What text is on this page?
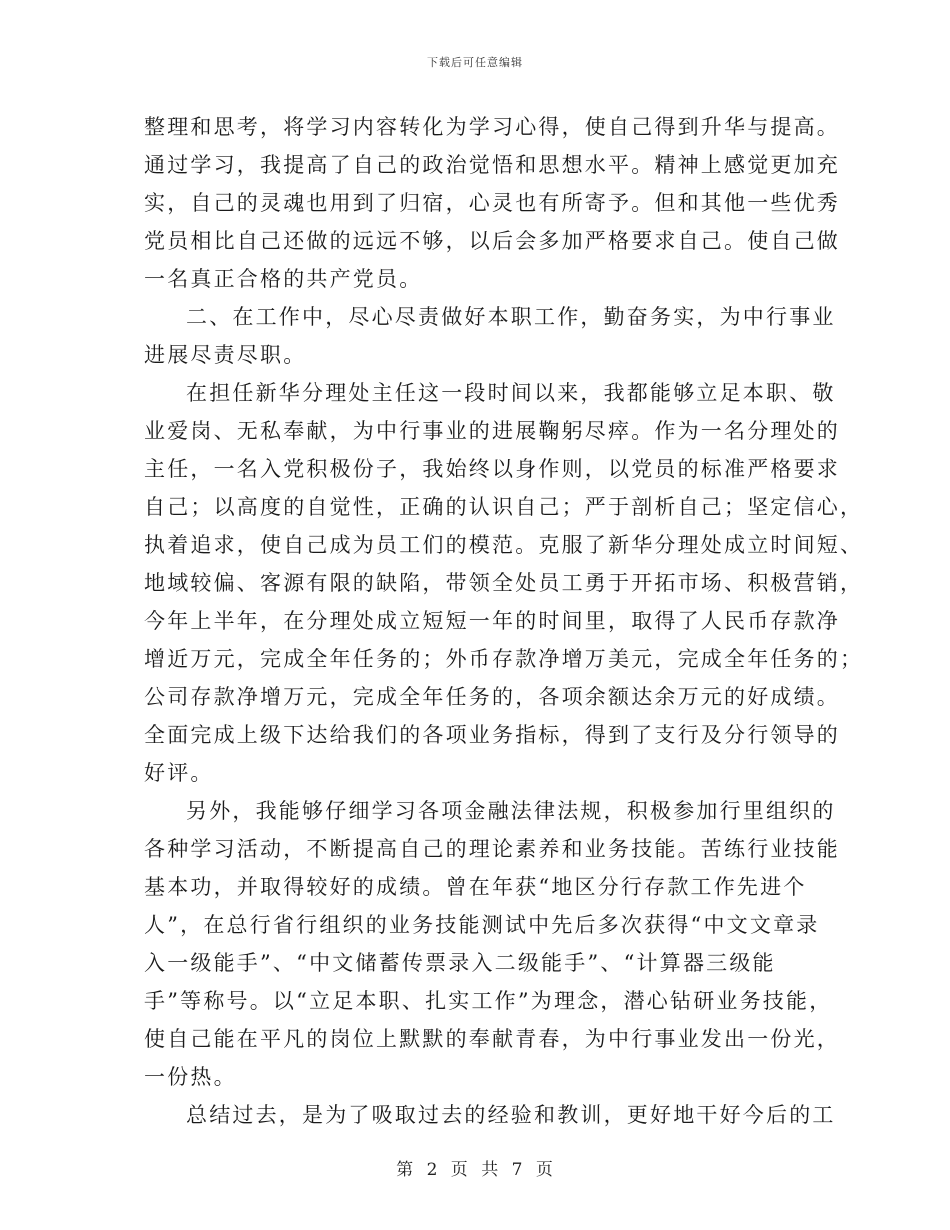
下载后可任意编辑
整理和思考，将学习内容转化为学习心得，使自己得到升华与提高。
通过学习，我提高了自己的政治觉悟和思想水平。精神上感觉更加充
实，自己的灵魂也用到了归宿，心灵也有所寄予。但和其他一些优秀
党员相比自己还做的远远不够，以后会多加严格要求自己。使自己做
一名真正合格的共产党员。
二、在工作中，尽心尽责做好本职工作，勤奋务实，为中行事业
进展尽责尽职。
在担任新华分理处主任这一段时间以来，我都能够立足本职、敬
业爱岗、无私奉献，为中行事业的进展鞠躬尽瘁。作为一名分理处的
主任，一名入党积极份子，我始终以身作则，以党员的标准严格要求
自己；以高度的自觉性，正确的认识自己；严于剖析自己；坚定信心，
执着追求，使自己成为员工们的模范。克服了新华分理处成立时间短、
地域较偏、客源有限的缺陷，带领全处员工勇于开拓市场、积极营销，
今年上半年，在分理处成立短短一年的时间里，取得了人民币存款净
增近万元，完成全年任务的；外币存款净增万美元，完成全年任务的；
公司存款净增万元，完成全年任务的，各项余额达余万元的好成绩。
全面完成上级下达给我们的各项业务指标，得到了支行及分行领导的
好评。
另外，我能够仔细学习各项金融法律法规，积极参加行里组织的
各种学习活动，不断提高自己的理论素养和业务技能。苦练行业技能
基本功，并取得较好的成绩。曾在年获“地区分行存款工作先进个
人”，在总行省行组织的业务技能测试中先后多次获得“中文文章录
入一级能手”、“中文储蓄传票录入二级能手”、“计算器三级能
手”等称号。以“立足本职、扎实工作”为理念，潜心钻研业务技能，
使自己能在平凡的岗位上默默的奉献青春，为中行事业发出一份光，
一份热。
总结过去，是为了吸取过去的经验和教训，更好地干好今后的工
第 2 页 共 7 页
